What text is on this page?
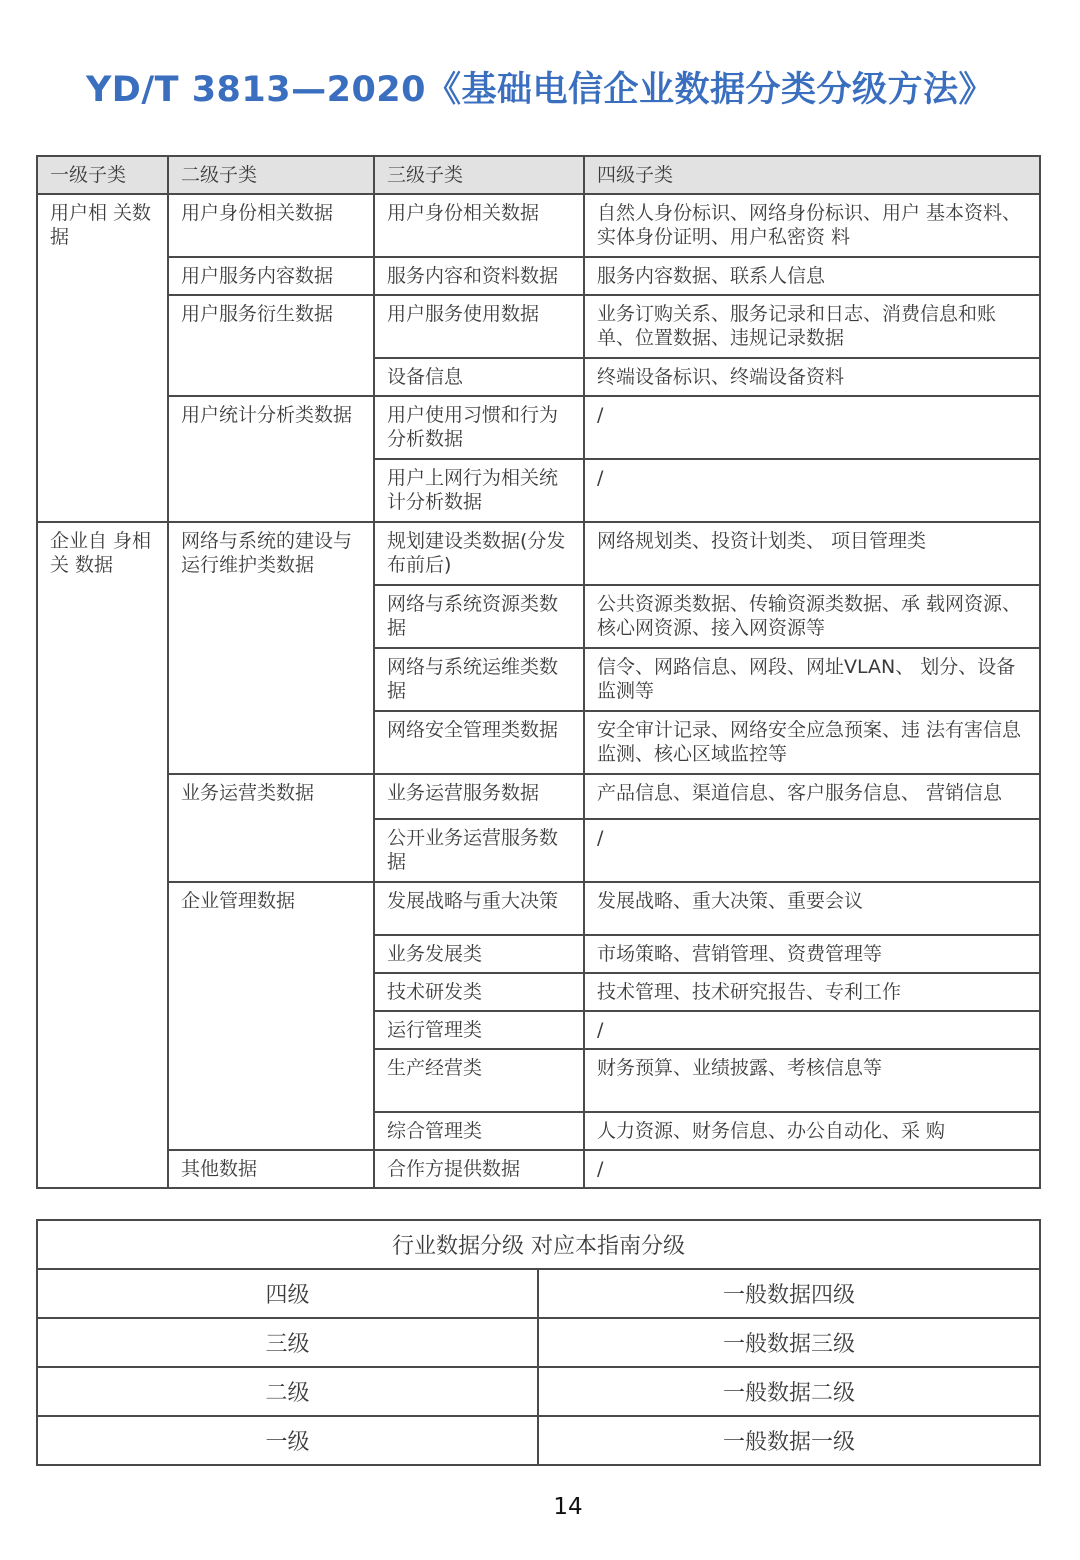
YD/T 3813—2020《基础电信企业数据分类分级方法》
一级子类	二级子类	三级子类	四级子类
用户相 关数据	用户身份相关数据	用户身份相关数据	自然人身份标识、网络身份标识、用户 基本资料、实体身份证明、用户私密资 料
	用户服务内容数据	服务内容和资料数据	服务内容数据、联系人信息
	用户服务衍生数据	用户服务使用数据	业务订购关系、服务记录和日志、消费信息和账单、位置数据、违规记录数据
		设备信息	终端设备标识、终端设备资料
	用户统计分析类数据	用户使用习惯和行为分析数据	/
		用户上网行为相关统计分析数据	/
企业自 身相关 数据	网络与系统的建设与运行维护类数据	规划建设类数据(分发 布前后)	网络规划类、投资计划类、 项目管理类
		网络与系统资源类数据	公共资源类数据、传输资源类数据、承 载网资源、核心网资源、接入网资源等
		网络与系统运维类数据	信令、网路信息、网段、网址VLAN、 划分、设备监测等
		网络安全管理类数据	安全审计记录、网络安全应急预案、违 法有害信息监测、核心区域监控等
	业务运营类数据	业务运营服务数据	产品信息、渠道信息、客户服务信息、 营销信息
		公开业务运营服务数据	/
	企业管理数据	发展战略与重大决策	发展战略、重大决策、重要会议
		业务发展类	市场策略、营销管理、资费管理等
		技术研发类	技术管理、技术研究报告、专利工作
		运行管理类	/
		生产经营类	财务预算、业绩披露、考核信息等
		综合管理类	人力资源、财务信息、办公自动化、采 购
	其他数据	合作方提供数据	/
行业数据分级 对应本指南分级	
四级	一般数据四级
三级	一般数据三级
二级	一般数据二级
一级	一般数据一级
14
